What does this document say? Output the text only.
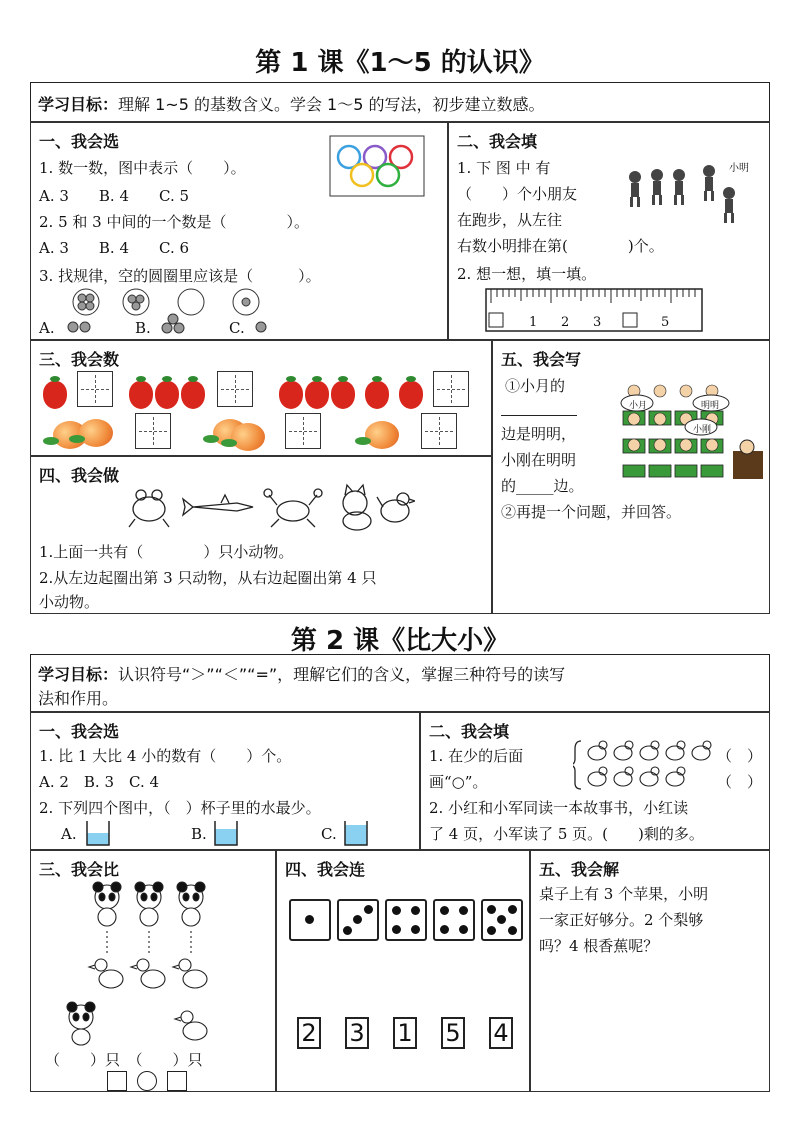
第 1 课《1～5 的认识》
学习目标：理解 1~5 的基数含义。学会 1～5 的写法，初步建立数感。
一、我会选
1. 数一数，图中表示（　　）。
A. 3　　B. 4　　C. 5
2. 5 和 3 中间的一个数是（　　　　）。
A. 3　　B. 4　　C. 6
3. 找规律，空的圆圈里应该是（　　　）。
A.	B.	C.
二、我会填
1. 下 图 中 有
（　　）个小朋友
在跑步，从左往
右数小明排在第(　　　　)个。
2. 想一想，填一填。
小明
1 2 3	5
三、我会数	五、我会写
①小月的
边是明明，
小刚在明明
的_____边。
②再提一个问题，并回答。
小月	明明
小刚
四、我会做
1.上面一共有（　　　　）只小动物。
2.从左边起圈出第 3 只动物，从右边起圈出第 4 只
小动物。
第 2 课《比大小》
学习目标：认识符号“＞”“＜”“=”，理解它们的含义，掌握三种符号的读写
法和作用。
一、我会选
1. 比 1 大比 4 小的数有（　　）个。
A. 2　B. 3　C. 4
2. 下列四个图中，（　）杯子里的水最少。
A.	B.	C.
二、我会填
1. 在少的后面
画“○”。
（　）
（　）
2. 小红和小军同读一本故事书，小红读
了 4 页，小军读了 5 页。(　　)剩的多。
三、我会比
（　　）只　（　　）只
四、我会连
2 3 1 5 4
五、我会解
桌子上有 3 个苹果，小明
一家正好够分。2 个梨够
吗？4 根香蕉呢？
